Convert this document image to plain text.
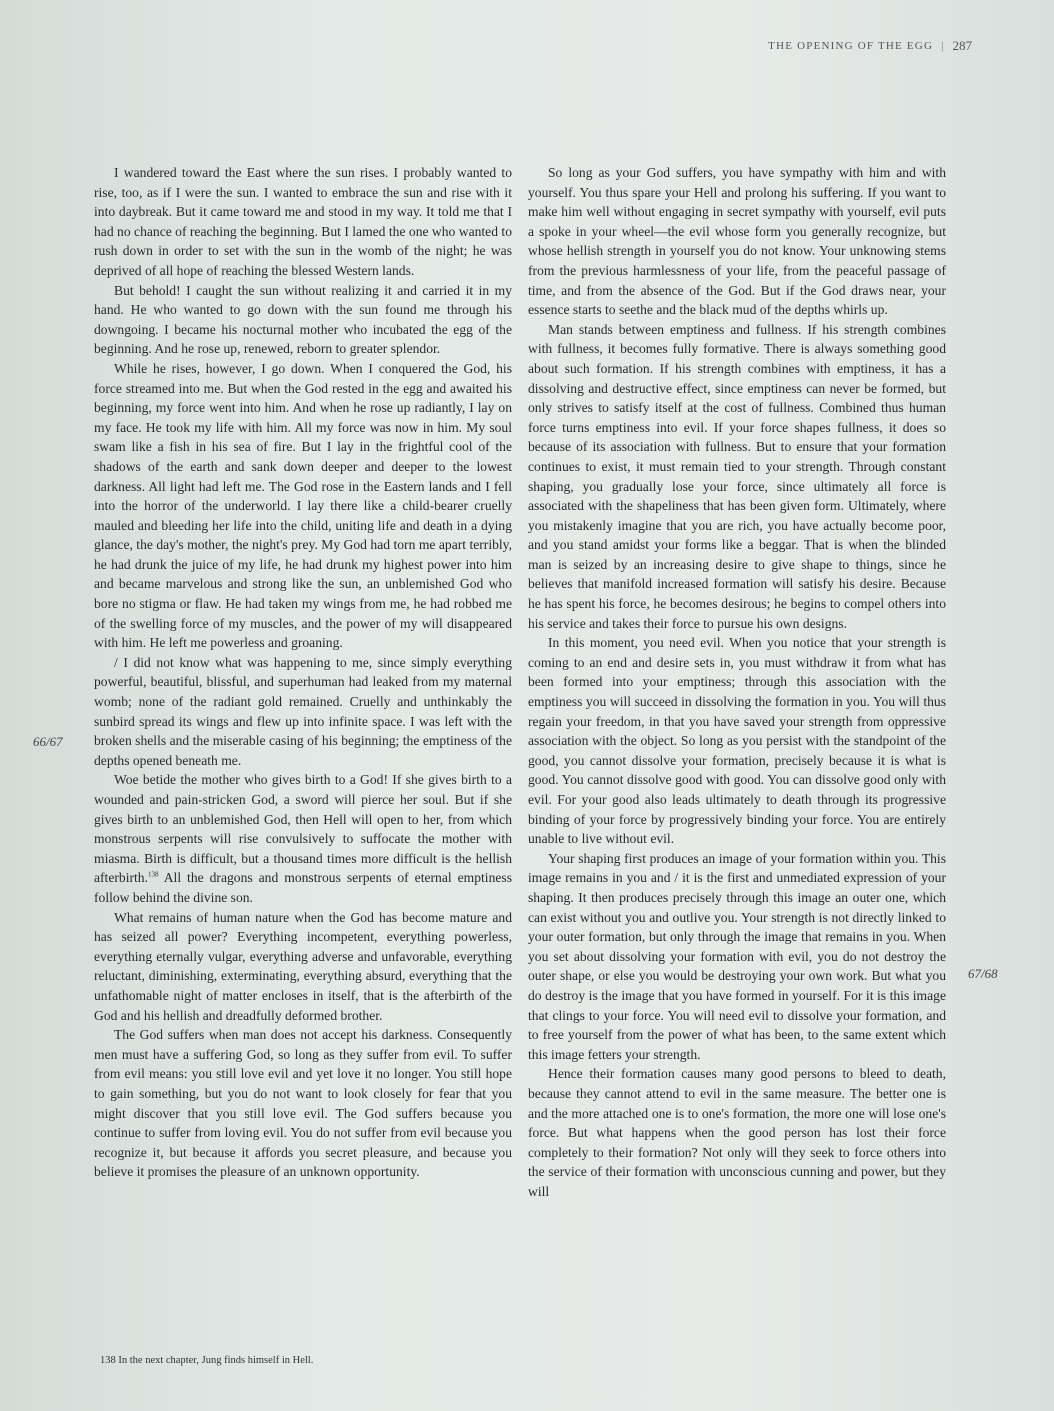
THE OPENING OF THE EGG | 287
66/67
67/68

I wandered toward the East where the sun rises. I probably wanted to rise, too, as if I were the sun. I wanted to embrace the sun and rise with it into daybreak. But it came toward me and stood in my way. It told me that I had no chance of reaching the beginning. But I lamed the one who wanted to rush down in order to set with the sun in the womb of the night; he was deprived of all hope of reaching the blessed Western lands.

But behold! I caught the sun without realizing it and carried it in my hand. He who wanted to go down with the sun found me through his downgoing. I became his nocturnal mother who incubated the egg of the beginning. And he rose up, renewed, reborn to greater splendor.

While he rises, however, I go down. When I conquered the God, his force streamed into me. But when the God rested in the egg and awaited his beginning, my force went into him. And when he rose up radiantly, I lay on my face. He took my life with him. All my force was now in him. My soul swam like a fish in his sea of fire. But I lay in the frightful cool of the shadows of the earth and sank down deeper and deeper to the lowest darkness. All light had left me. The God rose in the Eastern lands and I fell into the horror of the underworld. I lay there like a child-bearer cruelly mauled and bleeding her life into the child, uniting life and death in a dying glance, the day's mother, the night's prey. My God had torn me apart terribly, he had drunk the juice of my life, he had drunk my highest power into him and became marvelous and strong like the sun, an unblemished God who bore no stigma or flaw. He had taken my wings from me, he had robbed me of the swelling force of my muscles, and the power of my will disappeared with him. He left me powerless and groaning.

/ I did not know what was happening to me, since simply everything powerful, beautiful, blissful, and superhuman had leaked from my maternal womb; none of the radiant gold remained. Cruelly and unthinkably the sunbird spread its wings and flew up into infinite space. I was left with the broken shells and the miserable casing of his beginning; the emptiness of the depths opened beneath me.

Woe betide the mother who gives birth to a God! If she gives birth to a wounded and pain-stricken God, a sword will pierce her soul. But if she gives birth to an unblemished God, then Hell will open to her, from which monstrous serpents will rise convulsively to suffocate the mother with miasma. Birth is difficult, but a thousand times more difficult is the hellish afterbirth.$^{138}$ All the dragons and monstrous serpents of eternal emptiness follow behind the divine son.

What remains of human nature when the God has become mature and has seized all power? Everything incompetent, everything powerless, everything eternally vulgar, everything adverse and unfavorable, everything reluctant, diminishing, exterminating, everything absurd, everything that the unfathomable night of matter encloses in itself, that is the afterbirth of the God and his hellish and dreadfully deformed brother.

The God suffers when man does not accept his darkness. Consequently men must have a suffering God, so long as they suffer from evil. To suffer from evil means: you still love evil and yet love it no longer. You still hope to gain something, but you do not want to look closely for fear that you might discover that you still love evil. The God suffers because you continue to suffer from loving evil. You do not suffer from evil because you recognize it, but because it affords you secret pleasure, and because you believe it promises the pleasure of an unknown opportunity.

So long as your God suffers, you have sympathy with him and with yourself. You thus spare your Hell and prolong his suffering. If you want to make him well without engaging in secret sympathy with yourself, evil puts a spoke in your wheel—the evil whose form you generally recognize, but whose hellish strength in yourself you do not know. Your unknowing stems from the previous harmlessness of your life, from the peaceful passage of time, and from the absence of the God. But if the God draws near, your essence starts to seethe and the black mud of the depths whirls up.

Man stands between emptiness and fullness. If his strength combines with fullness, it becomes fully formative. There is always something good about such formation. If his strength combines with emptiness, it has a dissolving and destructive effect, since emptiness can never be formed, but only strives to satisfy itself at the cost of fullness. Combined thus human force turns emptiness into evil. If your force shapes fullness, it does so because of its association with fullness. But to ensure that your formation continues to exist, it must remain tied to your strength. Through constant shaping, you gradually lose your force, since ultimately all force is associated with the shapeliness that has been given form. Ultimately, where you mistakenly imagine that you are rich, you have actually become poor, and you stand amidst your forms like a beggar. That is when the blinded man is seized by an increasing desire to give shape to things, since he believes that manifold increased formation will satisfy his desire. Because he has spent his force, he becomes desirous; he begins to compel others into his service and takes their force to pursue his own designs.

In this moment, you need evil. When you notice that your strength is coming to an end and desire sets in, you must withdraw it from what has been formed into your emptiness; through this association with the emptiness you will succeed in dissolving the formation in you. You will thus regain your freedom, in that you have saved your strength from oppressive association with the object. So long as you persist with the standpoint of the good, you cannot dissolve your formation, precisely because it is what is good. You cannot dissolve good with good. You can dissolve good only with evil. For your good also leads ultimately to death through its progressive binding of your force by progressively binding your force. You are entirely unable to live without evil.

Your shaping first produces an image of your formation within you. This image remains in you and / it is the first and unmediated expression of your shaping. It then produces precisely through this image an outer one, which can exist without you and outlive you. Your strength is not directly linked to your outer formation, but only through the image that remains in you. When you set about dissolving your formation with evil, you do not destroy the outer shape, or else you would be destroying your own work. But what you do destroy is the image that you have formed in yourself. For it is this image that clings to your force. You will need evil to dissolve your formation, and to free yourself from the power of what has been, to the same extent which this image fetters your strength.

Hence their formation causes many good persons to bleed to death, because they cannot attend to evil in the same measure. The better one is and the more attached one is to one's formation, the more one will lose one's force. But what happens when the good person has lost their force completely to their formation? Not only will they seek to force others into the service of their formation with unconscious cunning and power, but they will

138 In the next chapter, Jung finds himself in Hell.
